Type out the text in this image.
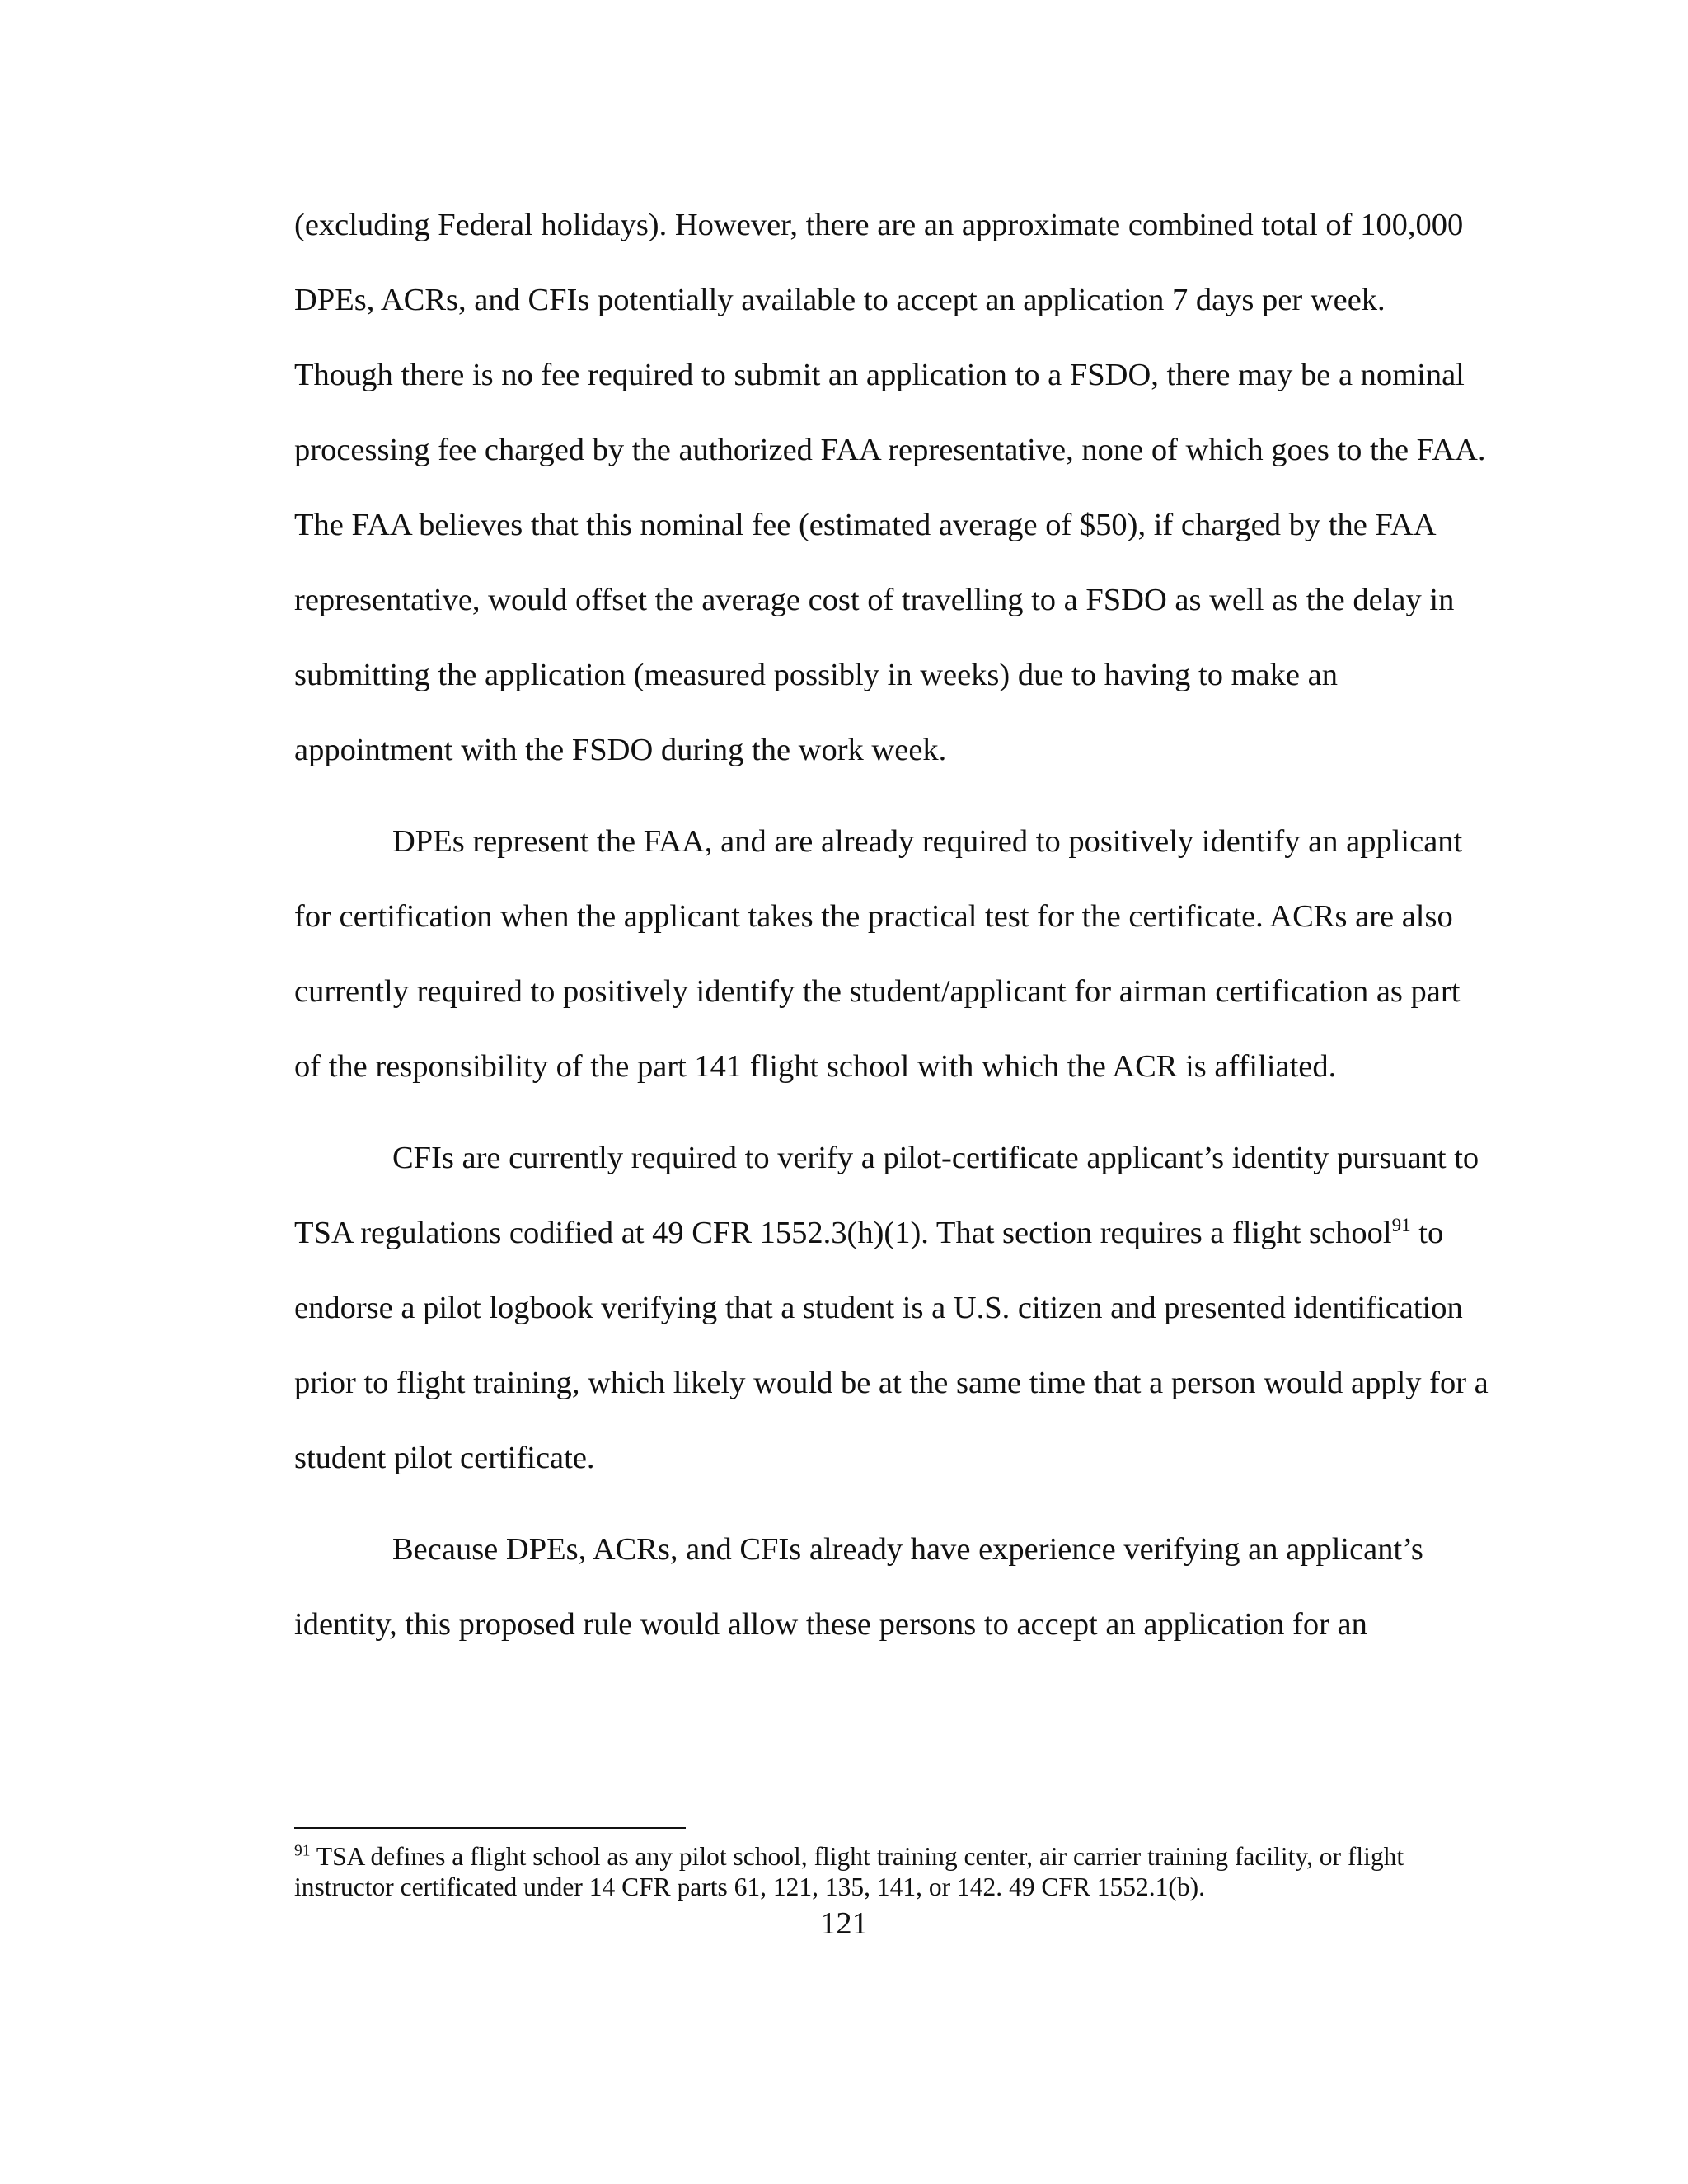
(excluding Federal holidays). However, there are an approximate combined total of 100,000 DPEs, ACRs, and CFIs potentially available to accept an application 7 days per week. Though there is no fee required to submit an application to a FSDO, there may be a nominal processing fee charged by the authorized FAA representative, none of which goes to the FAA. The FAA believes that this nominal fee (estimated average of $50), if charged by the FAA representative, would offset the average cost of travelling to a FSDO as well as the delay in submitting the application (measured possibly in weeks) due to having to make an appointment with the FSDO during the work week.

DPEs represent the FAA, and are already required to positively identify an applicant for certification when the applicant takes the practical test for the certificate. ACRs are also currently required to positively identify the student/applicant for airman certification as part of the responsibility of the part 141 flight school with which the ACR is affiliated.

CFIs are currently required to verify a pilot-certificate applicant’s identity pursuant to TSA regulations codified at 49 CFR 1552.3(h)(1). That section requires a flight school$^{91}$ to endorse a pilot logbook verifying that a student is a U.S. citizen and presented identification prior to flight training, which likely would be at the same time that a person would apply for a student pilot certificate.

Because DPEs, ACRs, and CFIs already have experience verifying an applicant’s identity, this proposed rule would allow these persons to accept an application for an

$^{91}$ TSA defines a flight school as any pilot school, flight training center, air carrier training facility, or flight instructor certificated under 14 CFR parts 61, 121, 135, 141, or 142. 49 CFR 1552.1(b).

121
